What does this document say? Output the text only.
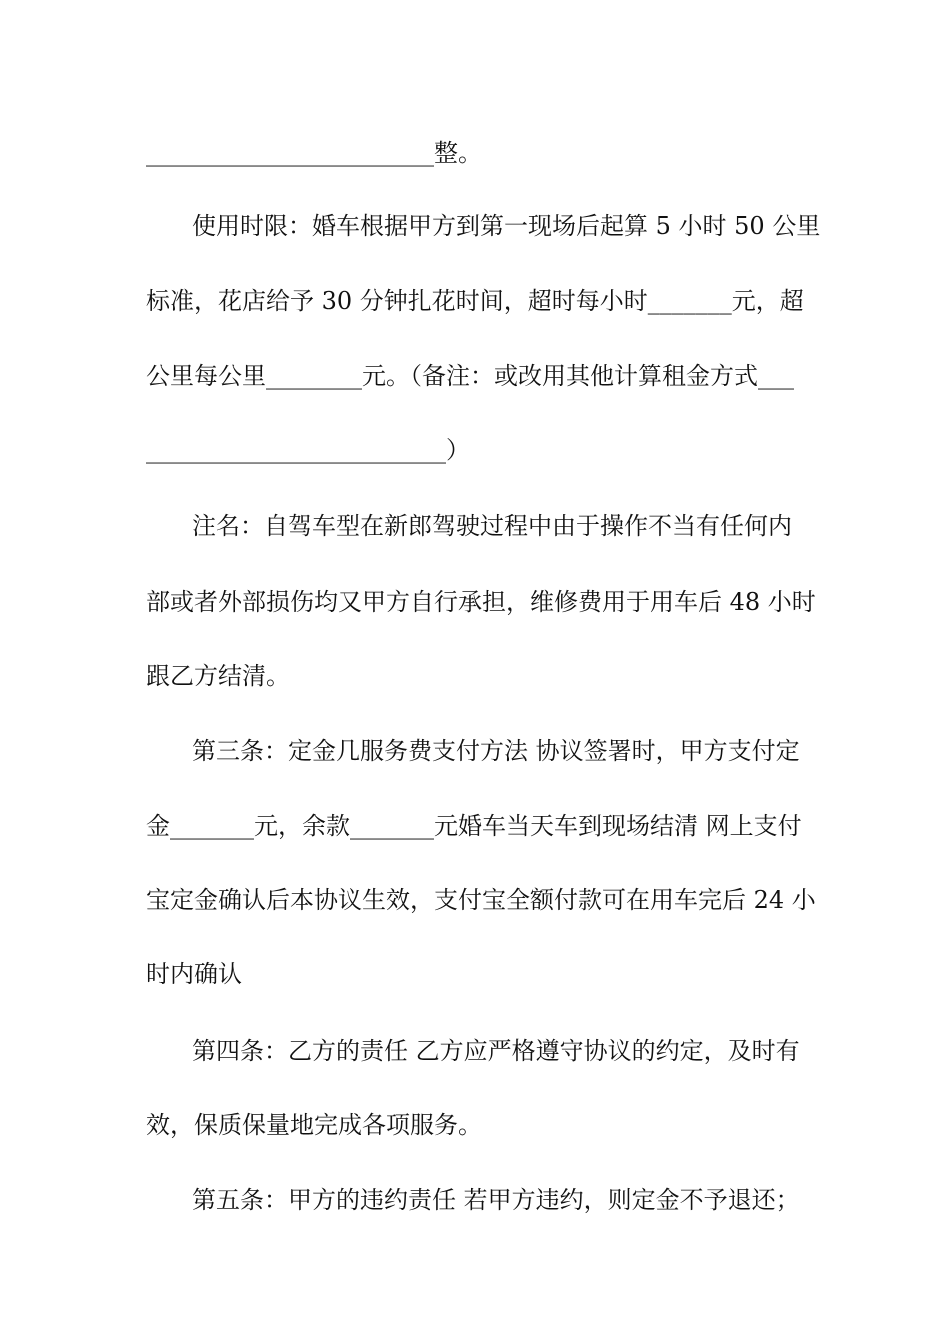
________________________整。
使用时限：婚车根据甲方到第一现场后起算 5 小时 50 公里
标准，花店给予 30 分钟扎花时间，超时每小时_______元，超
公里每公里________元。（备注：或改用其他计算租金方式___
_________________________）
注名：自驾车型在新郎驾驶过程中由于操作不当有任何内
部或者外部损伤均又甲方自行承担，维修费用于用车后 48 小时
跟乙方结清。
第三条：定金几服务费支付方法 协议签署时，甲方支付定
金_______元，余款_______元婚车当天车到现场结清 网上支付
宝定金确认后本协议生效，支付宝全额付款可在用车完后 24 小
时内确认
第四条：乙方的责任 乙方应严格遵守协议的约定，及时有
效，保质保量地完成各项服务。
第五条：甲方的违约责任 若甲方违约，则定金不予退还；
